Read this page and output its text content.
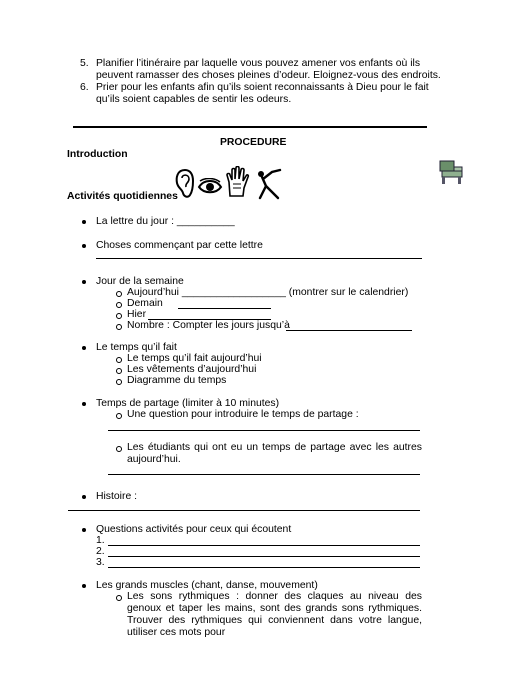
5. Planifier l’itinéraire par laquelle vous pouvez amener vos enfants où ils
peuvent ramasser des choses pleines d’odeur. Eloignez-vous des endroits.
6. Prier pour les enfants afin qu’ils soient reconnaissants à Dieu pour le fait
qu’ils soient capables de sentir les odeurs.
PROCEDURE
Introduction
Activités quotidiennes
La lettre du jour : __________
Choses commençant par cette lettre
Jour de la semaine
Aujourd’hui __________________ (montrer sur le calendrier)
Demain
Hier
Nombre : Compter les jours jusqu’à
Le temps qu’il fait
Le temps qu’il fait aujourd’hui
Les vêtements d’aujourd’hui
Diagramme du temps
Temps de partage (limiter à 10 minutes)
Une question pour introduire le temps de partage :
Les étudiants qui ont eu un temps de partage avec les autres aujourd’hui.
Histoire :
Questions activités pour ceux qui écoutent
1.
2.
3.
Les grands muscles (chant, danse, mouvement)
Les sons rythmiques : donner des claques au niveau des genoux et taper les mains, sont des grands sons rythmiques. Trouver des rythmiques qui conviennent dans votre langue, utiliser ces mots pour
